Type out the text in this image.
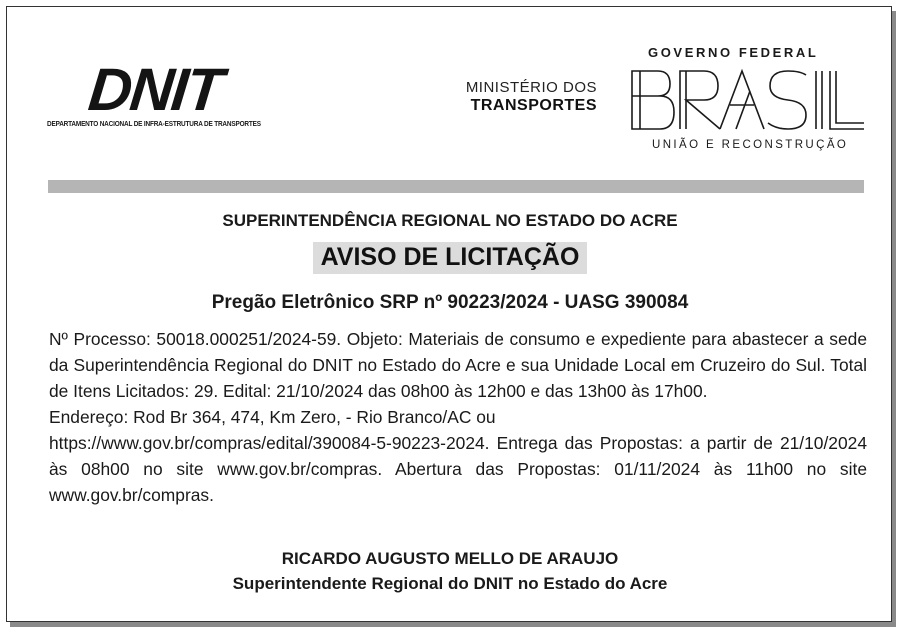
DNIT
DEPARTAMENTO NACIONAL DE INFRA-ESTRUTURA DE TRANSPORTES
MINISTÉRIO DOS
TRANSPORTES
GOVERNO FEDERAL
UNIÃO E RECONSTRUÇÃO
SUPERINTENDÊNCIA REGIONAL NO ESTADO DO ACRE
AVISO DE LICITAÇÃO
Pregão Eletrônico SRP nº 90223/2024 - UASG 390084

Nº Processo: 50018.000251/2024-59. Objeto: Materiais de consumo e expediente para abastecer a sede da Superintendência Regional do DNIT no Estado do Acre e sua Unidade Local em Cruzeiro do Sul. Total de Itens Licitados: 29. Edital: 21/10/2024 das 08h00 às 12h00 e das 13h00 às 17h00.

Endereço: Rod Br 364, 474, Km Zero, - Rio Branco/AC ou

https://www.gov.br/compras/edital/390084-5-90223-2024. Entrega das Propostas: a partir de 21/10/2024 às 08h00 no site www.gov.br/compras. Abertura das Propostas: 01/11/2024 às 11h00 no site www.gov.br/compras.

RICARDO AUGUSTO MELLO DE ARAUJO
Superintendente Regional do DNIT no Estado do Acre
